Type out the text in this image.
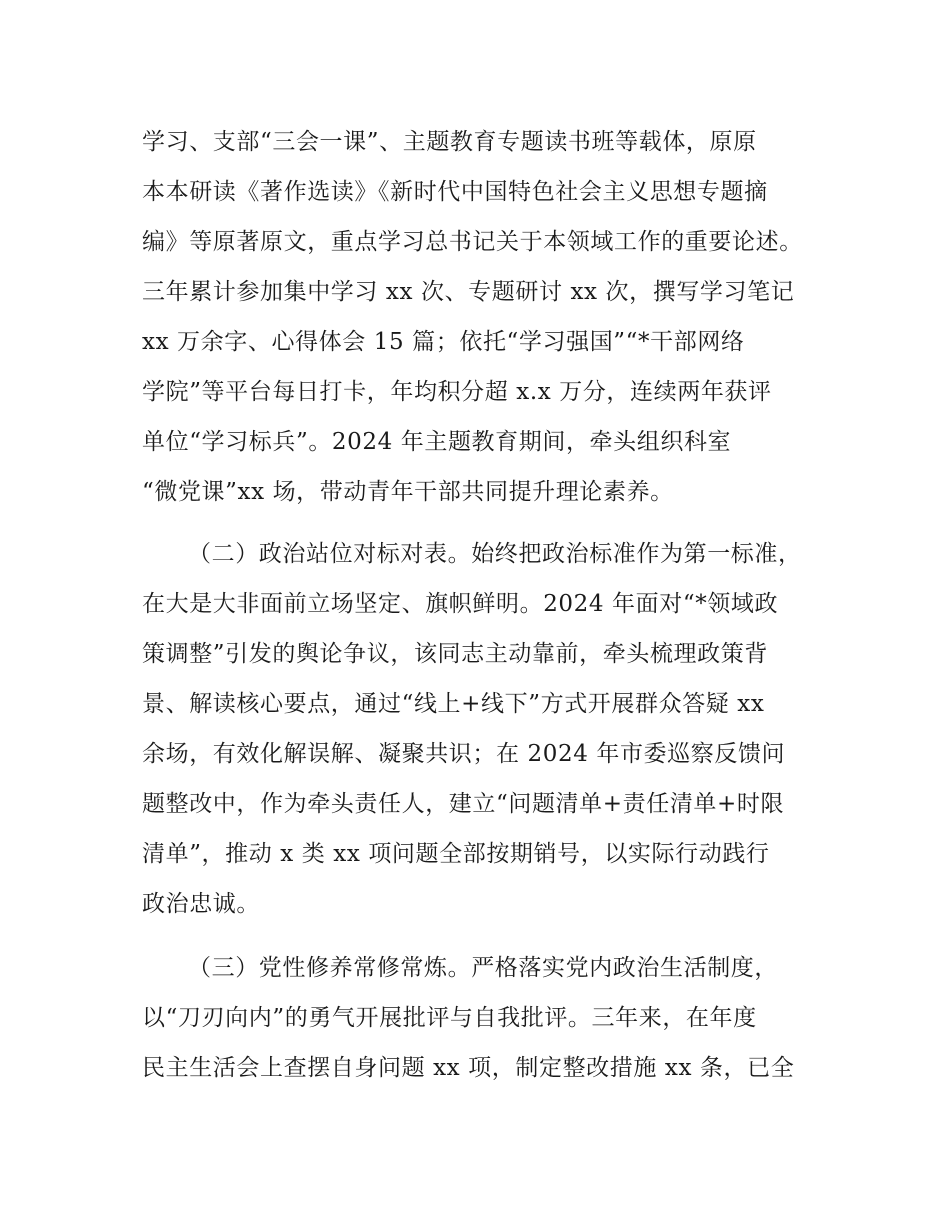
学习、支部“三会一课”、主题教育专题读书班等载体，原原
本本研读《著作选读》《新时代中国特色社会主义思想专题摘
编》等原著原文，重点学习总书记关于本领域工作的重要论述。
三年累计参加集中学习 xx 次、专题研讨 xx 次，撰写学习笔记
xx 万余字、心得体会 15 篇；依托“学习强国”“*干部网络
学院”等平台每日打卡，年均积分超 x.x 万分，连续两年获评
单位“学习标兵”。2024 年主题教育期间，牵头组织科室
“微党课”xx 场，带动青年干部共同提升理论素养。
（二）政治站位对标对表。始终把政治标准作为第一标准，
在大是大非面前立场坚定、旗帜鲜明。2024 年面对“*领域政
策调整”引发的舆论争议，该同志主动靠前，牵头梳理政策背
景、解读核心要点，通过“线上+线下”方式开展群众答疑 xx
余场，有效化解误解、凝聚共识；在 2024 年市委巡察反馈问
题整改中，作为牵头责任人，建立“问题清单+责任清单+时限
清单”，推动 x 类 xx 项问题全部按期销号，以实际行动践行
政治忠诚。
（三）党性修养常修常炼。严格落实党内政治生活制度，
以“刀刃向内”的勇气开展批评与自我批评。三年来，在年度
民主生活会上查摆自身问题 xx 项，制定整改措施 xx 条，已全
